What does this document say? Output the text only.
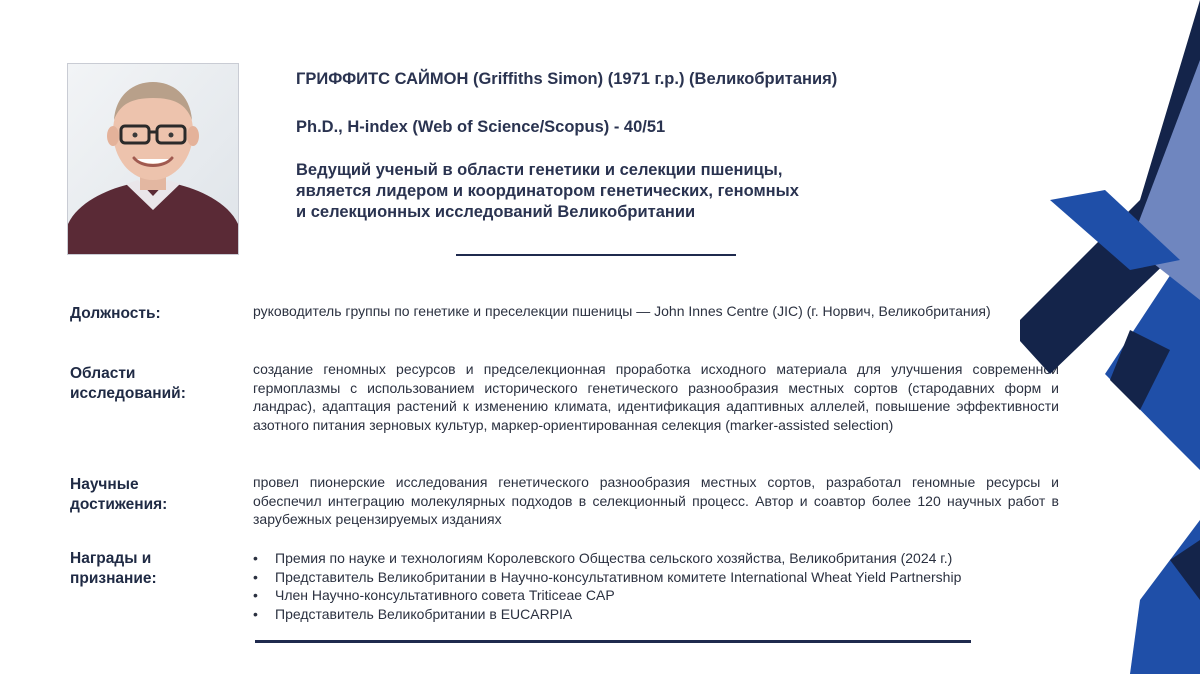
ГРИФФИТС САЙМОН (Griffiths Simon) (1971 г.р.) (Великобритания)
Ph.D., H-index (Web of Science/Scopus) - 40/51

Ведущий ученый в области генетики и селекции пшеницы,
является лидером и координатором генетических, геномных
и селекционных исследований Великобритании

Должность:	руководитель группы по генетике и преселекции пшеницы — John Innes Centre (JIC) (г. Норвич, Великобритания)

Области
исследований:

создание геномных ресурсов и предселекционная проработка исходного материала для улучшения современной гермоплазмы с использованием исторического генетического разнообразия местных сортов (стародавних форм и ландрас), адаптация растений к изменению климата, идентификация адаптивных аллелей, повышение эффективности азотного питания зерновых культур, маркер-ориентированная селекция (marker-assisted selection)

Научные
достижения:

провел пионерские исследования генетического разнообразия местных сортов, разработал геномные ресурсы и обеспечил интеграцию молекулярных подходов в селекционный процесс. Автор и соавтор более 120 научных работ в зарубежных рецензируемых изданиях

Награды и
признание:

• Премия по науке и технологиям Королевского Общества сельского хозяйства, Великобритания (2024 г.)
• Представитель Великобритании в Научно-консультативном комитете International Wheat Yield Partnership
• Член Научно-консультативного совета Triticeae CAP
• Представитель Великобритании в EUCARPIA
